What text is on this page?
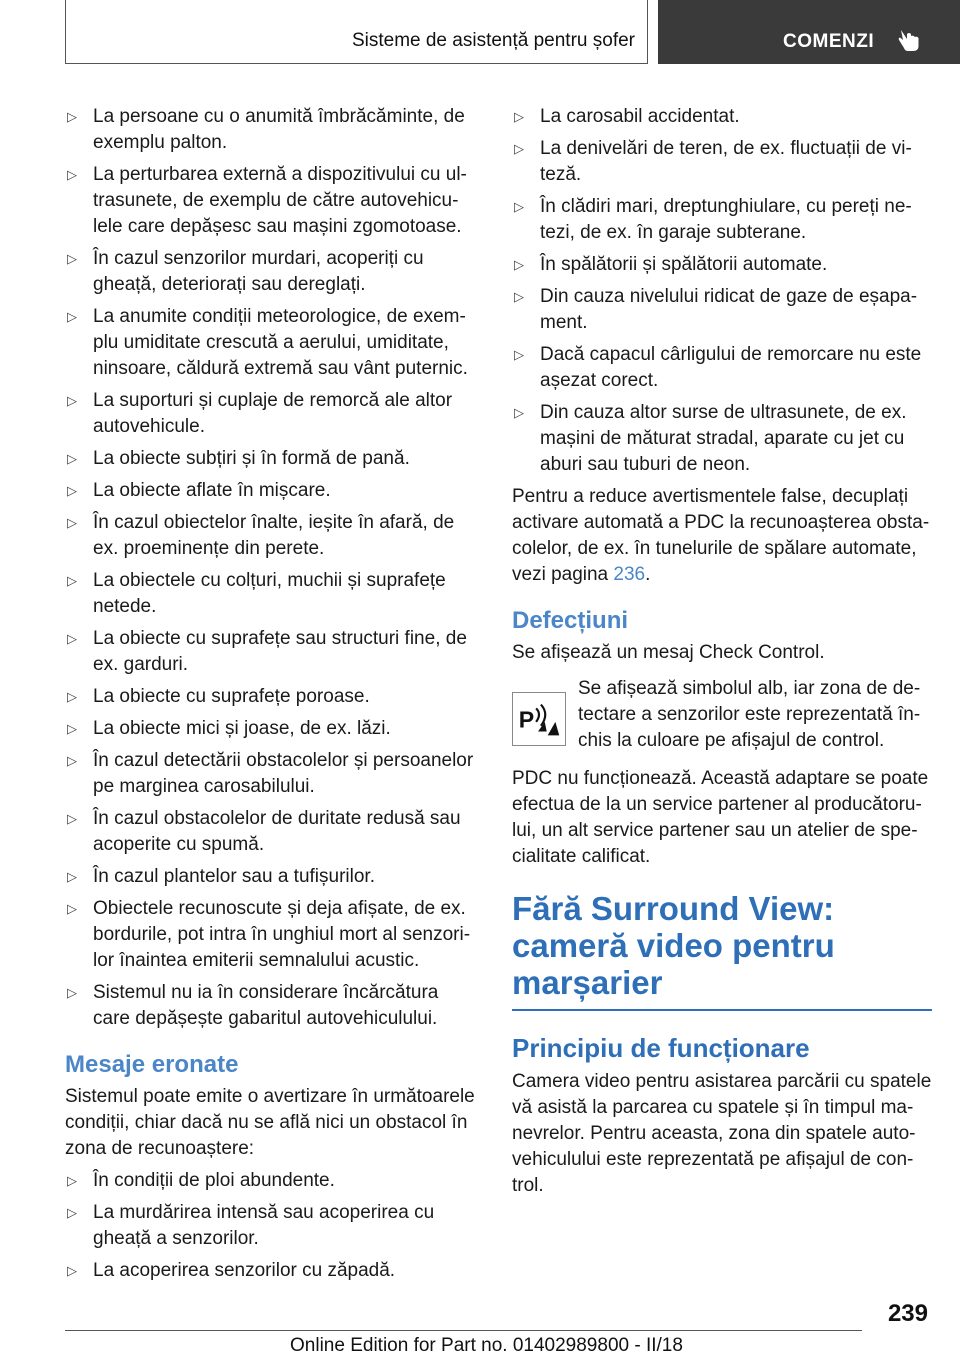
Sisteme de asistență pentru șofer	COMENZI
▷ La persoane cu o anumită îmbrăcăminte, de exemplu palton.
▷ La perturbarea externă a dispozitivului cu ul-trasunete, de exemplu de către autovehicu-lele care depășesc sau mașini zgomotoase.
▷ În cazul senzorilor murdari, acoperiți cu gheață, deteriorați sau dereglați.
▷ La anumite condiții meteorologice, de exem-plu umiditate crescută a aerului, umiditate, ninsoare, căldură extremă sau vânt puternic.
▷ La suporturi și cuplaje de remorcă ale altor autovehicule.
▷ La obiecte subțiri și în formă de pană.
▷ La obiecte aflate în mișcare.
▷ În cazul obiectelor înalte, ieșite în afară, de ex. proeminențe din perete.
▷ La obiectele cu colțuri, muchii și suprafețe netede.
▷ La obiecte cu suprafețe sau structuri fine, de ex. garduri.
▷ La obiecte cu suprafețe poroase.
▷ La obiecte mici și joase, de ex. lăzi.
▷ În cazul detectării obstacolelor și persoanelor pe marginea carosabilului.
▷ În cazul obstacolelor de duritate redusă sau acoperite cu spumă.
▷ În cazul plantelor sau a tufișurilor.
▷ Obiectele recunoscute și deja afișate, de ex. bordurile, pot intra în unghiul mort al senzori-lor înaintea emiterii semnalului acustic.
▷ Sistemul nu ia în considerare încărcătura care depășește gabaritul autovehiculului.
Mesaje eronate

Sistemul poate emite o avertizare în următoarele condiții, chiar dacă nu se află nici un obstacol în zona de recunoaștere:

▷ În condiții de ploi abundente.
▷ La murdărirea intensă sau acoperirea cu gheață a senzorilor.
▷ La acoperirea senzorilor cu zăpadă.
▷ La carosabil accidentat.
▷ La denivelări de teren, de ex. fluctuații de vi-teză.
▷ În clădiri mari, dreptunghiulare, cu pereți ne-tezi, de ex. în garaje subterane.
▷ În spălătorii și spălătorii automate.
▷ Din cauza nivelului ridicat de gaze de eșapa-ment.
▷ Dacă capacul cârligului de remorcare nu este așezat corect.
▷ Din cauza altor surse de ultrasunete, de ex. mașini de măturat stradal, aparate cu jet cu aburi sau tuburi de neon.

Pentru a reduce avertismentele false, decuplați activare automată a PDC la recunoașterea obsta-colelor, de ex. în tunelurile de spălare automate, vezi pagina 236.

Defecțiuni

Se afișează un mesaj Check Control.

P
Se afișează simbolul alb, iar zona de de-tectare a senzorilor este reprezentată în-chis la culoare pe afișajul de control.

PDC nu funcționează. Această adaptare se poate efectua de la un service partener al producătoru-lui, un alt service partener sau un atelier de spe-cialitate calificat.

Fără Surround View: cameră video pentru marșarier
Principiu de funcționare

Camera video pentru asistarea parcării cu spatele vă asistă la parcarea cu spatele și în timpul ma-nevrelor. Pentru aceasta, zona din spatele auto-vehiculului este reprezentată pe afișajul de con-trol.

239
Online Edition for Part no. 01402989800 - II/18
